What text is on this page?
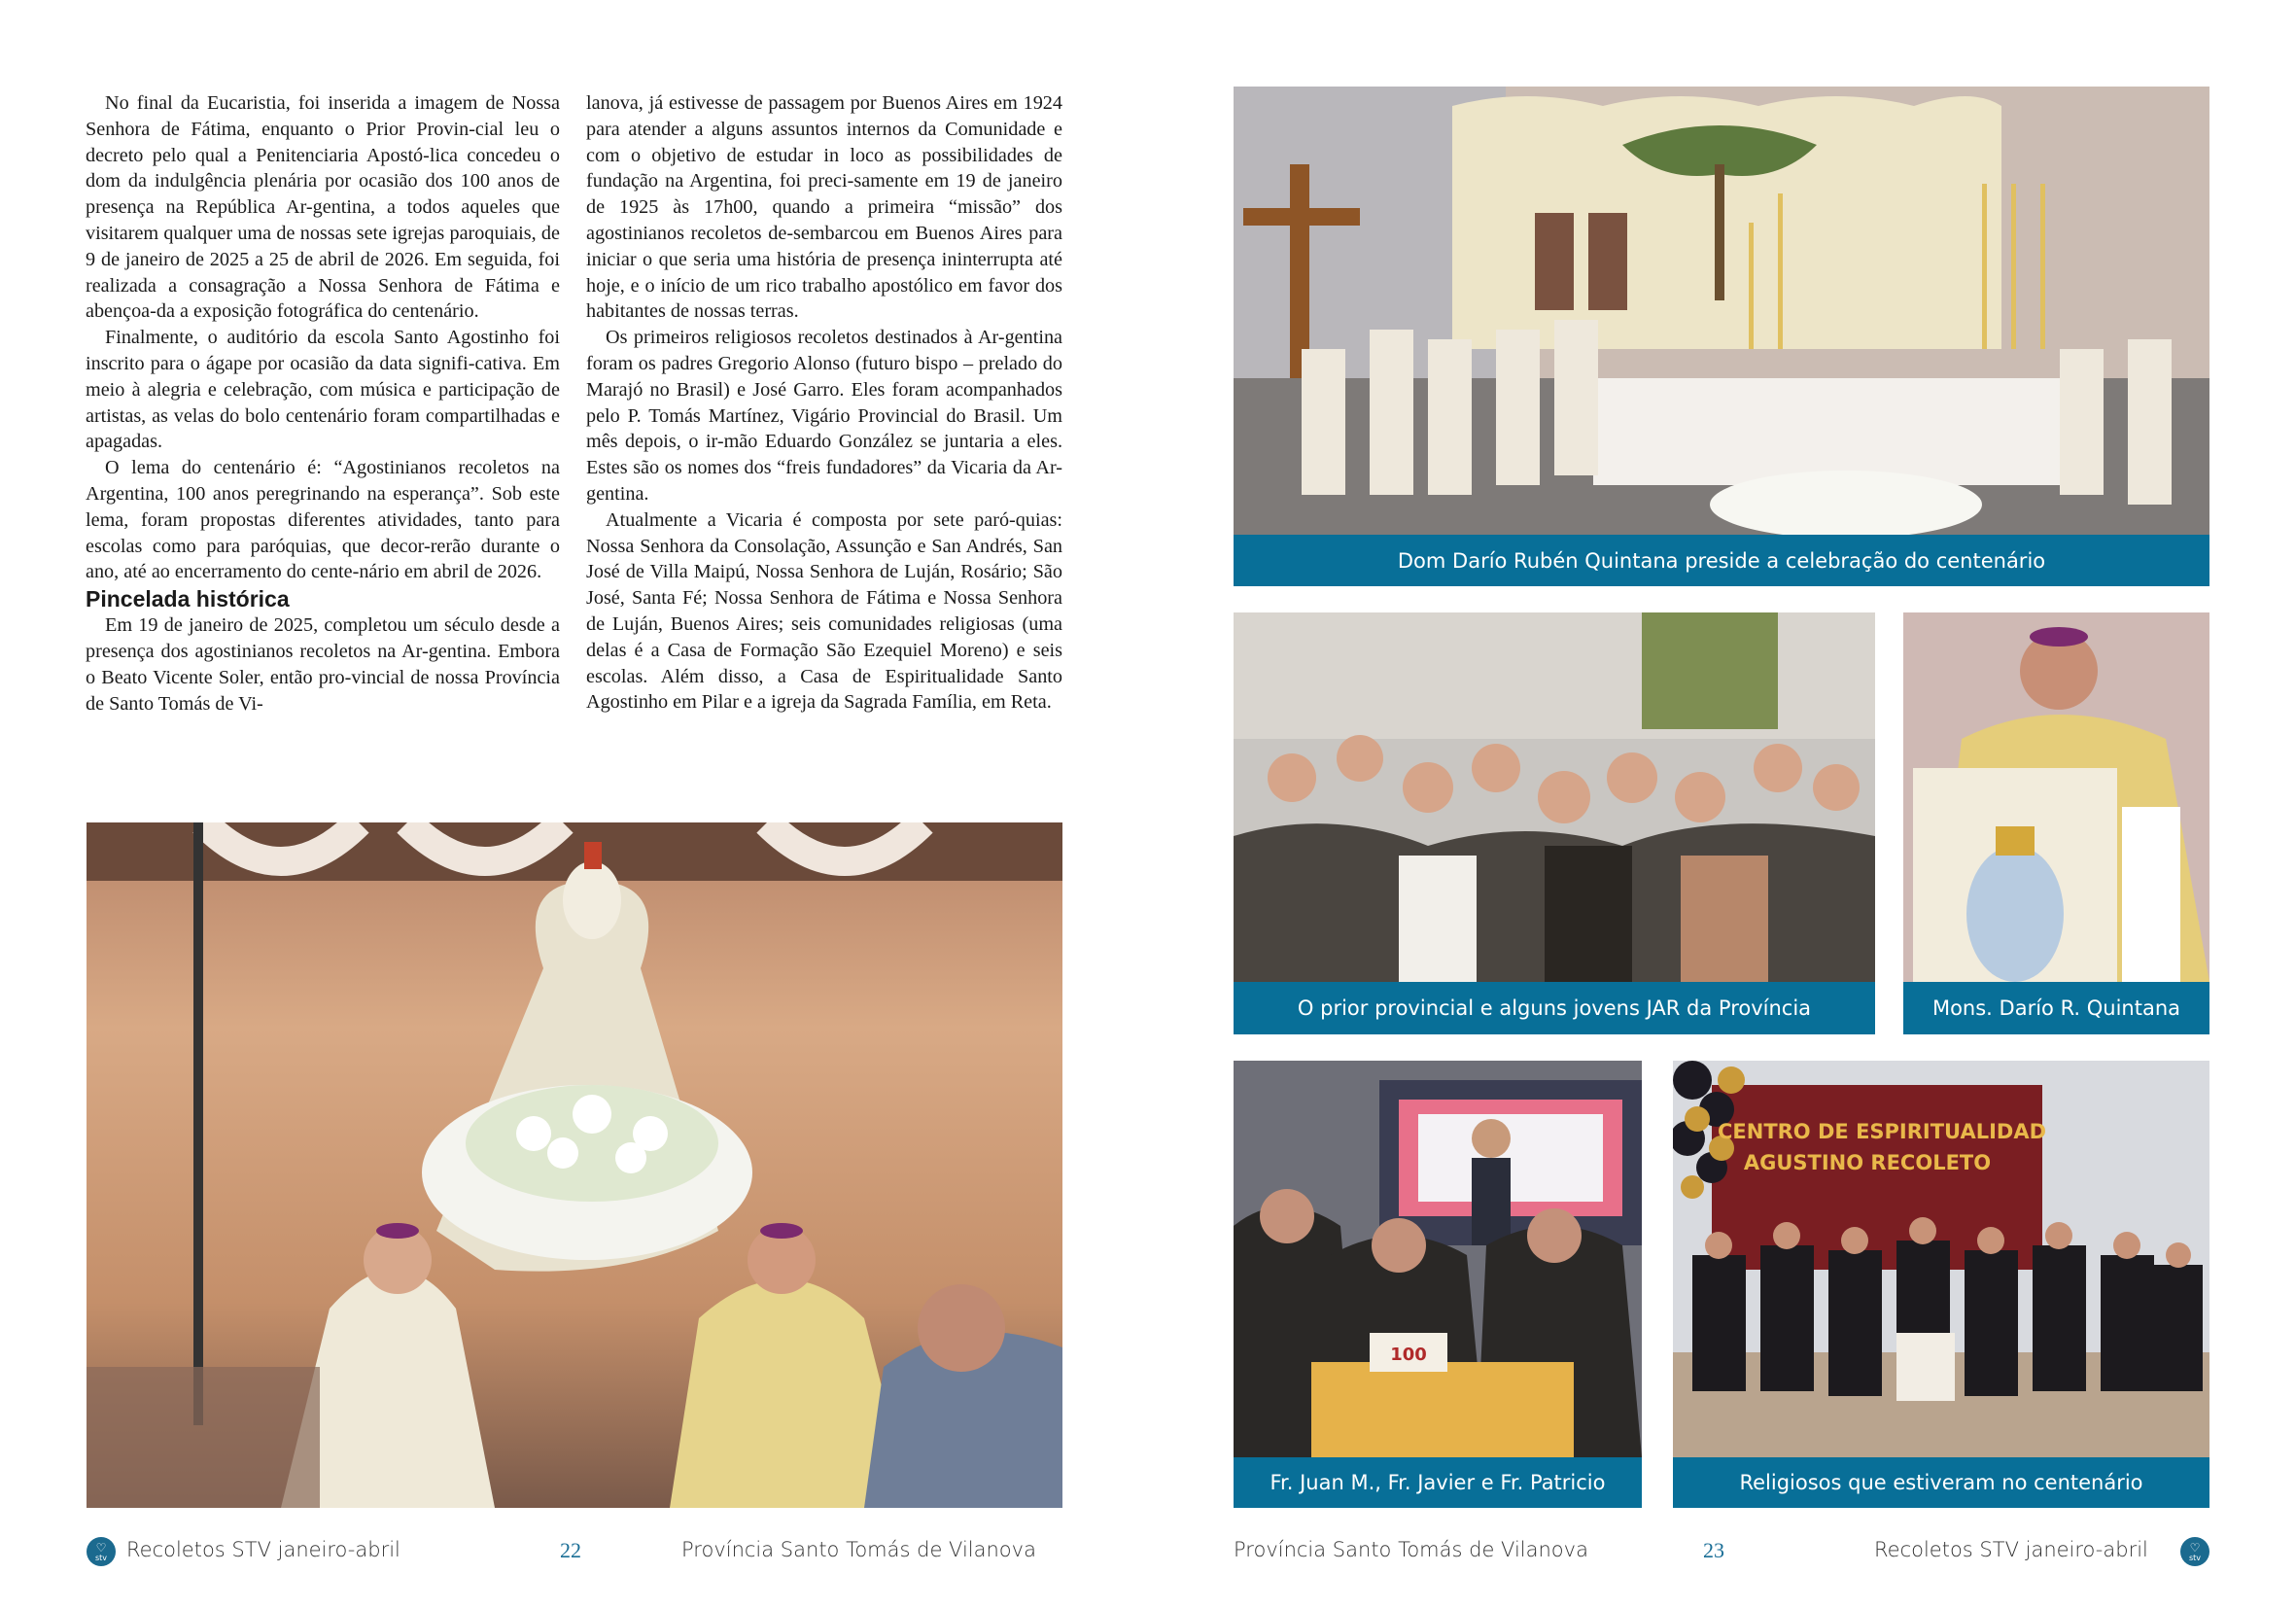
No final da Eucaristia, foi inserida a imagem de Nossa Senhora de Fátima, enquanto o Prior Provin-cial leu o decreto pelo qual a Penitenciaria Apostó-lica concedeu o dom da indulgência plenária por ocasião dos 100 anos de presença na República Ar-gentina, a todos aqueles que visitarem qualquer uma de nossas sete igrejas paroquiais, de 9 de janeiro de 2025 a 25 de abril de 2026. Em seguida, foi realizada a consagração a Nossa Senhora de Fátima e abençoa-da a exposição fotográfica do centenário.

Finalmente, o auditório da escola Santo Agostinho foi inscrito para o ágape por ocasião da data signifi-cativa. Em meio à alegria e celebração, com música e participação de artistas, as velas do bolo centenário foram compartilhadas e apagadas.

O lema do centenário é: “Agostinianos recoletos na Argentina, 100 anos peregrinando na esperança”. Sob este lema, foram propostas diferentes atividades, tanto para escolas como para paróquias, que decor-rerão durante o ano, até ao encerramento do cente-nário em abril de 2026.

Pincelada histórica

Em 19 de janeiro de 2025, completou um século desde a presença dos agostinianos recoletos na Ar-gentina. Embora o Beato Vicente Soler, então pro-vincial de nossa Província de Santo Tomás de Vi-

lanova, já estivesse de passagem por Buenos Aires em 1924 para atender a alguns assuntos internos da Comunidade e com o objetivo de estudar in loco as possibilidades de fundação na Argentina, foi preci-samente em 19 de janeiro de 1925 às 17h00, quando a primeira “missão” dos agostinianos recoletos de-sembarcou em Buenos Aires para iniciar o que seria uma história de presença ininterrupta até hoje, e o início de um rico trabalho apostólico em favor dos habitantes de nossas terras.

Os primeiros religiosos recoletos destinados à Ar-gentina foram os padres Gregorio Alonso (futuro bispo – prelado do Marajó no Brasil) e José Garro. Eles foram acompanhados pelo P. Tomás Martínez, Vigário Provincial do Brasil. Um mês depois, o ir-mão Eduardo González se juntaria a eles. Estes são os nomes dos “freis fundadores” da Vicaria da Ar-gentina.

Atualmente a Vicaria é composta por sete paró-quias: Nossa Senhora da Consolação, Assunção e San Andrés, San José de Villa Maipú, Nossa Senhora de Luján, Rosário; São José, Santa Fé; Nossa Senhora de Fátima e Nossa Senhora de Luján, Buenos Aires; seis comunidades religiosas (uma delas é a Casa de Formação São Ezequiel Moreno) e seis escolas. Além disso, a Casa de Espiritualidade Santo Agostinho em Pilar e a igreja da Sagrada Família, em Reta.

♡
stv Recoletos STV janeiro-abril	22	Província Santo Tomás de Vilanova
Dom Darío Rubén Quintana preside a celebração do centenário
O prior provincial e alguns jovens JAR da Província	Mons. Darío R. Quintana
100
Fr. Juan M., Fr. Javier e Fr. Patricio
CENTRO DE ESPIRITUALIDAD
AGUSTINO RECOLETO
Religiosos que estiveram no centenário
Província Santo Tomás de Vilanova	23	Recoletos STV janeiro-abril	♡
stv
